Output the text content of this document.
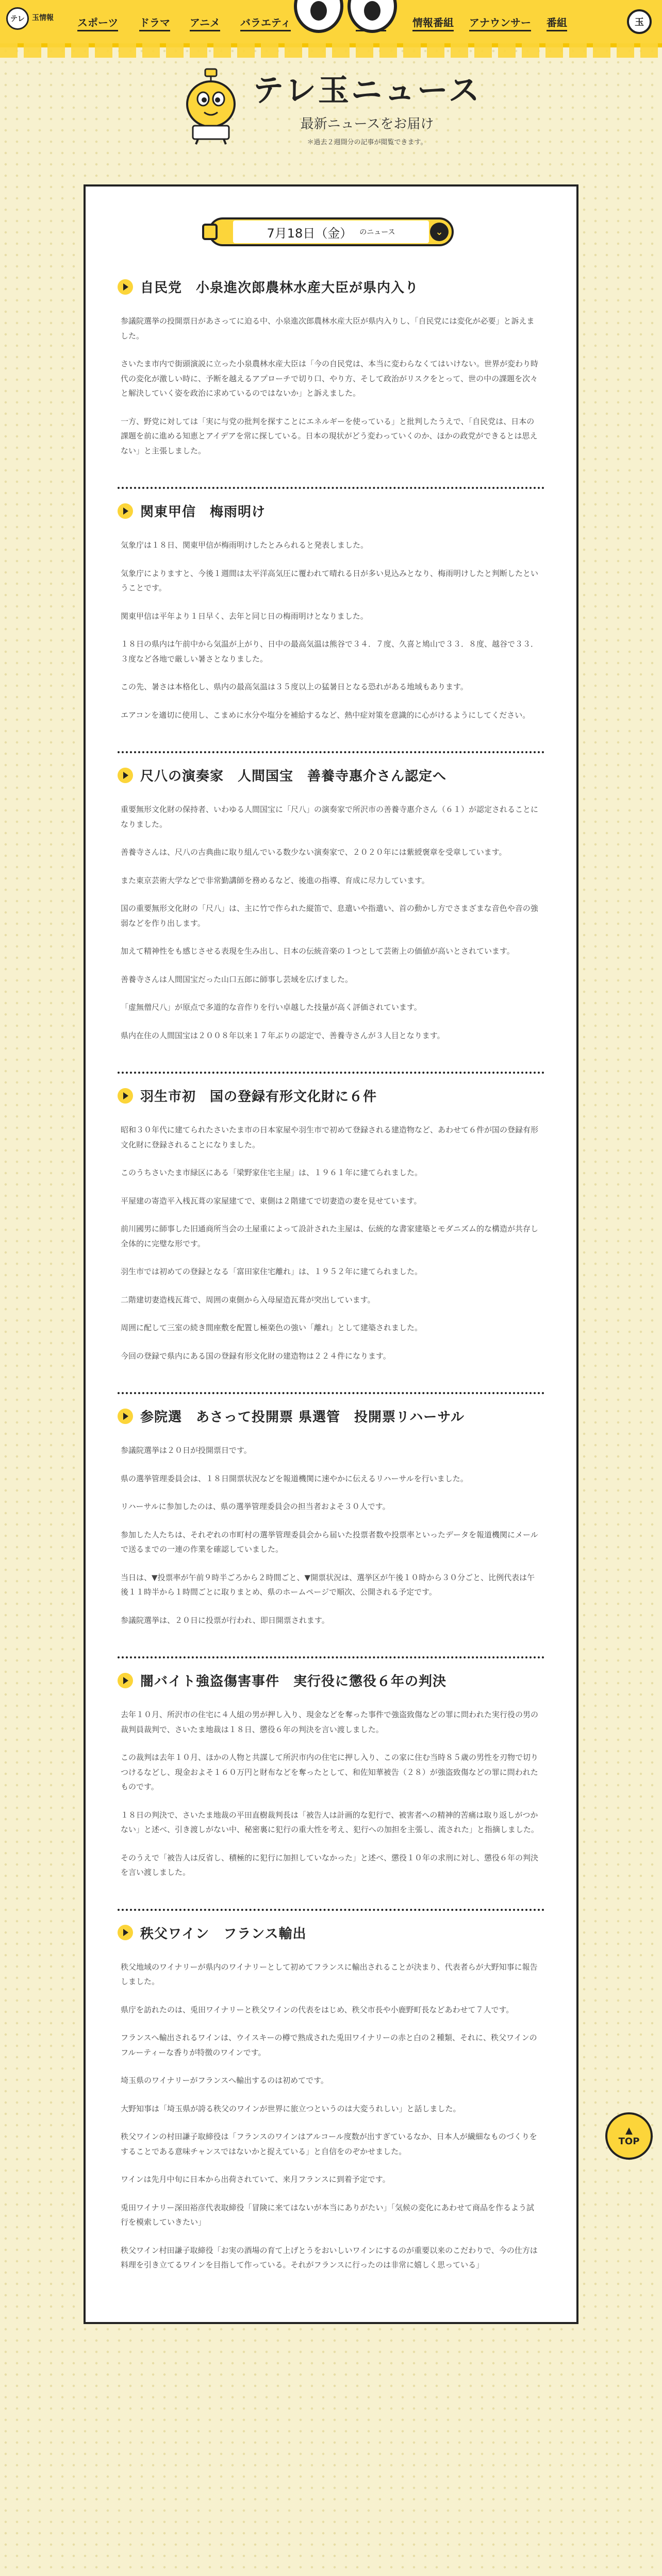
テレ	玉情報 スポーツ ドラマ アニメ バラエティ	情報番組 アナウンサー 番組	玉
テレ玉ニュース

最新ニュースをお届け

＊過去２週間分の記事が閲覧できます。

7月18日（金） のニュース	⌄
自民党　小泉進次郎農林水産大臣が県内入り

参議院選挙の投開票日があさってに迫る中、小泉進次郎農林水産大臣が県内入りし、「自民党には変化が必要」と訴えました。

さいたま市内で街頭演説に立った小泉農林水産大臣は「今の自民党は、本当に変わらなくてはいけない。世界が変わり時代の変化が激しい時に、予断を越えるアプローチで切り口、やり方、そして政治がリスクをとって、世の中の課題を次々と解決していく姿を政治に求めているのではないか」と訴えました。

一方、野党に対しては「実に与党の批判を探すことにエネルギーを使っている」と批判したうえで、「自民党は、日本の課題を前に進める知恵とアイデアを常に探している。日本の現状がどう変わっていくのか、ほかの政党ができるとは思えない」と主張しました。

関東甲信　梅雨明け

気象庁は１８日、関東甲信が梅雨明けしたとみられると発表しました。

気象庁によりますと、今後１週間は太平洋高気圧に覆われて晴れる日が多い見込みとなり、梅雨明けしたと判断したということです。

関東甲信は平年より１日早く、去年と同じ日の梅雨明けとなりました。

１８日の県内は午前中から気温が上がり、日中の最高気温は熊谷で３４．７度、久喜と鳩山で３３．８度、越谷で３３．３度など各地で厳しい暑さとなりました。

この先、暑さは本格化し、県内の最高気温は３５度以上の猛暑日となる恐れがある地域もあります。

エアコンを適切に使用し、こまめに水分や塩分を補給するなど、熱中症対策を意識的に心がけるようにしてください。

尺八の演奏家　人間国宝　善養寺惠介さん認定へ

重要無形文化財の保持者、いわゆる人間国宝に「尺八」の演奏家で所沢市の善養寺惠介さん（６１）が認定されることになりました。

善養寺さんは、尺八の古典曲に取り組んでいる数少ない演奏家で、２０２０年には紫綬褒章を受章しています。

また東京芸術大学などで非常勤講師を務めるなど、後進の指導、育成に尽力しています。

国の重要無形文化財の「尺八」は、主に竹で作られた縦笛で、息遣いや指遣い、首の動かし方でさまざまな音色や音の強弱などを作り出します。

加えて精神性をも感じさせる表現を生み出し、日本の伝統音楽の１つとして芸術上の価値が高いとされています。

善養寺さんは人間国宝だった山口五郎に師事し芸域を広げました。

「虚無僧尺八」が原点で多道的な音作りを行い卓越した技量が高く評価されています。

県内在住の人間国宝は２００８年以来１７年ぶりの認定で、善養寺さんが３人目となります。

羽生市初　国の登録有形文化財に６件

昭和３０年代に建てられたさいたま市の日本家屋や羽生市で初めて登録される建造物など、あわせて６件が国の登録有形文化財に登録されることになりました。

このうちさいたま市緑区にある「梁野家住宅主屋」は、１９６１年に建てられました。

平屋建の寄造平入桟瓦葺の家屋建てで、東側は２階建てで切妻造の妻を見せています。

前川國男に師事した旧通商所当会の土屋重によって設計された主屋は、伝統的な書家建築とモダニズム的な構造が共存し全体的に完璧な形です。

羽生市では初めての登録となる「富田家住宅離れ」は、１９５２年に建てられました。

二階建切妻造桟瓦葺で、周囲の東側から入母屋造瓦葺が突出しています。

周囲に配して三室の続き間座敷を配置し極楽色の強い「離れ」として建築されました。

今回の登録で県内にある国の登録有形文化財の建造物は２２４件になります。

参院選　あさって投開票 県選管　投開票リハーサル

参議院選挙は２０日が投開票日です。

県の選挙管理委員会は、１８日開票状況などを報道機関に速やかに伝えるリハーサルを行いました。

リハーサルに参加したのは、県の選挙管理委員会の担当者およそ３０人です。

参加した人たちは、それぞれの市町村の選挙管理委員会から届いた投票者数や投票率といったデータを報道機関にメールで送るまでの一連の作業を確認していました。

当日は、▼投票率が午前９時半ごろから２時間ごと、▼開票状況は、選挙区が午後１０時から３０分ごと、比例代表は午後１１時半から１時間ごとに取りまとめ、県のホームページで順次、公開される予定です。

参議院選挙は、２０日に投票が行われ、即日開票されます。

闇バイト強盗傷害事件　実行役に懲役６年の判決

去年１０月、所沢市の住宅に４人組の男が押し入り、現金などを奪った事件で強盗致傷などの罪に問われた実行役の男の裁判員裁判で、さいたま地裁は１８日、懲役６年の判決を言い渡しました。

この裁判は去年１０月、ほかの人物と共謀して所沢市内の住宅に押し入り、この家に住む当時８５歳の男性を刃物で切りつけるなどし、現金およそ１６０万円と財布などを奪ったとして、和佐知華被告（２８）が強盗致傷などの罪に問われたものです。

１８日の判決で、さいたま地裁の平田直樹裁判長は「被告人は計画的な犯行で、被害者への精神的苦痛は取り返しがつかない」と述べ、引き渡しがない中、秘密裏に犯行の重大性を考え、犯行への加担を主張し、流された」と指摘しました。

そのうえで「被告人は反省し、積極的に犯行に加担していなかった」と述べ、懲役１０年の求刑に対し、懲役６年の判決を言い渡しました。

秩父ワイン　フランス輸出

秩父地域のワイナリーが県内のワイナリーとして初めてフランスに輸出されることが決まり、代表者らが大野知事に報告しました。

県庁を訪れたのは、兎田ワイナリーと秩父ワインの代表をはじめ、秩父市長や小鹿野町長などあわせて７人です。

フランスへ輸出されるワインは、ウイスキーの樽で熟成された兎田ワイナリーの赤と白の２種類、それに、秩父ワインのフルーティーな香りが特徴のワインです。

埼玉県のワイナリーがフランスへ輸出するのは初めてです。

大野知事は「埼玉県が誇る秩父のワインが世界に旅立つというのは大変うれしい」と話しました。

秩父ワインの村田謙子取締役は「フランスのワインはアルコール度数が出すぎているなか、日本人が繊細なものづくりをすることである意味チャンスではないかと捉えている」と自信をのぞかせました。

ワインは先月中旬に日本から出荷されていて、来月フランスに到着予定です。

兎田ワイナリー深田裕彦代表取締役「冒険に来てはないが本当にありがたい」「気候の変化にあわせて商品を作るよう試行を模索していきたい」

秩父ワイン村田謙子取締役「お実の酒場の育て上げとうをおいしいワインにするのが重要以来のこだわりで、今の仕方は料理を引き立てるワインを目指して作っている。それがフランスに行ったのは非常に嬉しく思っている」

▲
TOP
